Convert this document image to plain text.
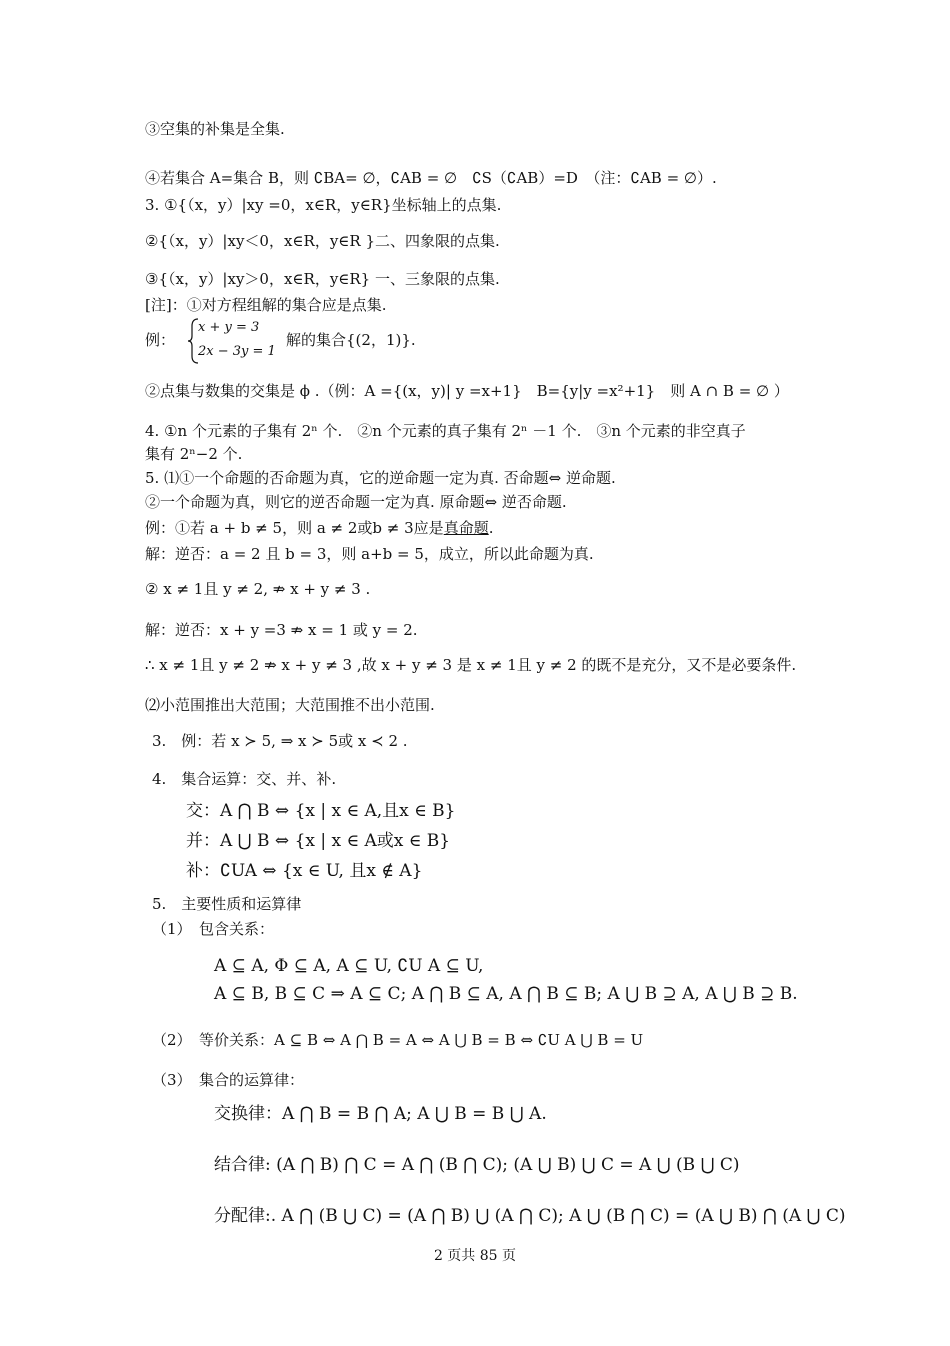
③空集的补集是全集.
④若集合 A=集合 B，则 ∁BA= ∅，∁AB = ∅　∁S（∁AB）=D　（注：∁AB = ∅）.
3. ①{（x，y）|xy =0，x∈R，y∈R}坐标轴上的点集.
②{（x，y）|xy＜0，x∈R，y∈R }二、四象限的点集.
③{（x，y）|xy＞0，x∈R，y∈R} 一、三象限的点集.
[注]：①对方程组解的集合应是点集.
例：
x + y = 3
2x − 3y = 1
解的集合{(2，1)}.
②点集与数集的交集是 ϕ .（例：A ={(x，y)| y =x+1}　B={y|y =x²+1}　则 A ∩ B = ∅ ）
4. ①n 个元素的子集有 2ⁿ 个.　②n 个元素的真子集有 2ⁿ －1 个.　③n 个元素的非空真子
集有 2ⁿ−2 个.
5. ⑴①一个命题的否命题为真，它的逆命题一定为真. 否命题⇔ 逆命题.
②一个命题为真，则它的逆否命题一定为真. 原命题⇔ 逆否命题.
例：①若 a + b ≠ 5，则 a ≠ 2或b ≠ 3应是真命题.
解：逆否：a = 2 且 b = 3，则 a+b = 5，成立，所以此命题为真.
② x ≠ 1且 y ≠ 2, ⇏ x + y ≠ 3 .
解：逆否：x + y =3 ⇏ x = 1 或 y = 2.
∴ x ≠ 1且 y ≠ 2 ⇏ x + y ≠ 3 ,故 x + y ≠ 3 是 x ≠ 1且 y ≠ 2 的既不是充分，又不是必要条件.
⑵小范围推出大范围；大范围推不出小范围.
3.　例：若 x ≻ 5, ⇒ x ≻ 5或 x ≺ 2 .
4.　集合运算：交、并、补.
交：A ⋂ B ⇔ {x | x ∈ A,且x ∈ B}
并：A ⋃ B ⇔ {x | x ∈ A或x ∈ B}
补：∁UA ⇔ {x ∈ U, 且x ∉ A}
5.　主要性质和运算律
（1）　包含关系：
A ⊆ A, Φ ⊆ A, A ⊆ U, ∁U A ⊆ U,
A ⊆ B, B ⊆ C ⇒ A ⊆ C; A ⋂ B ⊆ A, A ⋂ B ⊆ B; A ⋃ B ⊇ A, A ⋃ B ⊇ B.
（2）　等价关系：A ⊆ B ⇔ A ⋂ B = A ⇔ A ⋃ B = B ⇔ ∁U A ⋃ B = U
（3）　集合的运算律：
交换律：A ⋂ B = B ⋂ A; A ⋃ B = B ⋃ A.
结合律: (A ⋂ B) ⋂ C = A ⋂ (B ⋂ C); (A ⋃ B) ⋃ C = A ⋃ (B ⋃ C)
分配律:. A ⋂ (B ⋃ C) = (A ⋂ B) ⋃ (A ⋂ C); A ⋃ (B ⋂ C) = (A ⋃ B) ⋂ (A ⋃ C)
2 页共 85 页
